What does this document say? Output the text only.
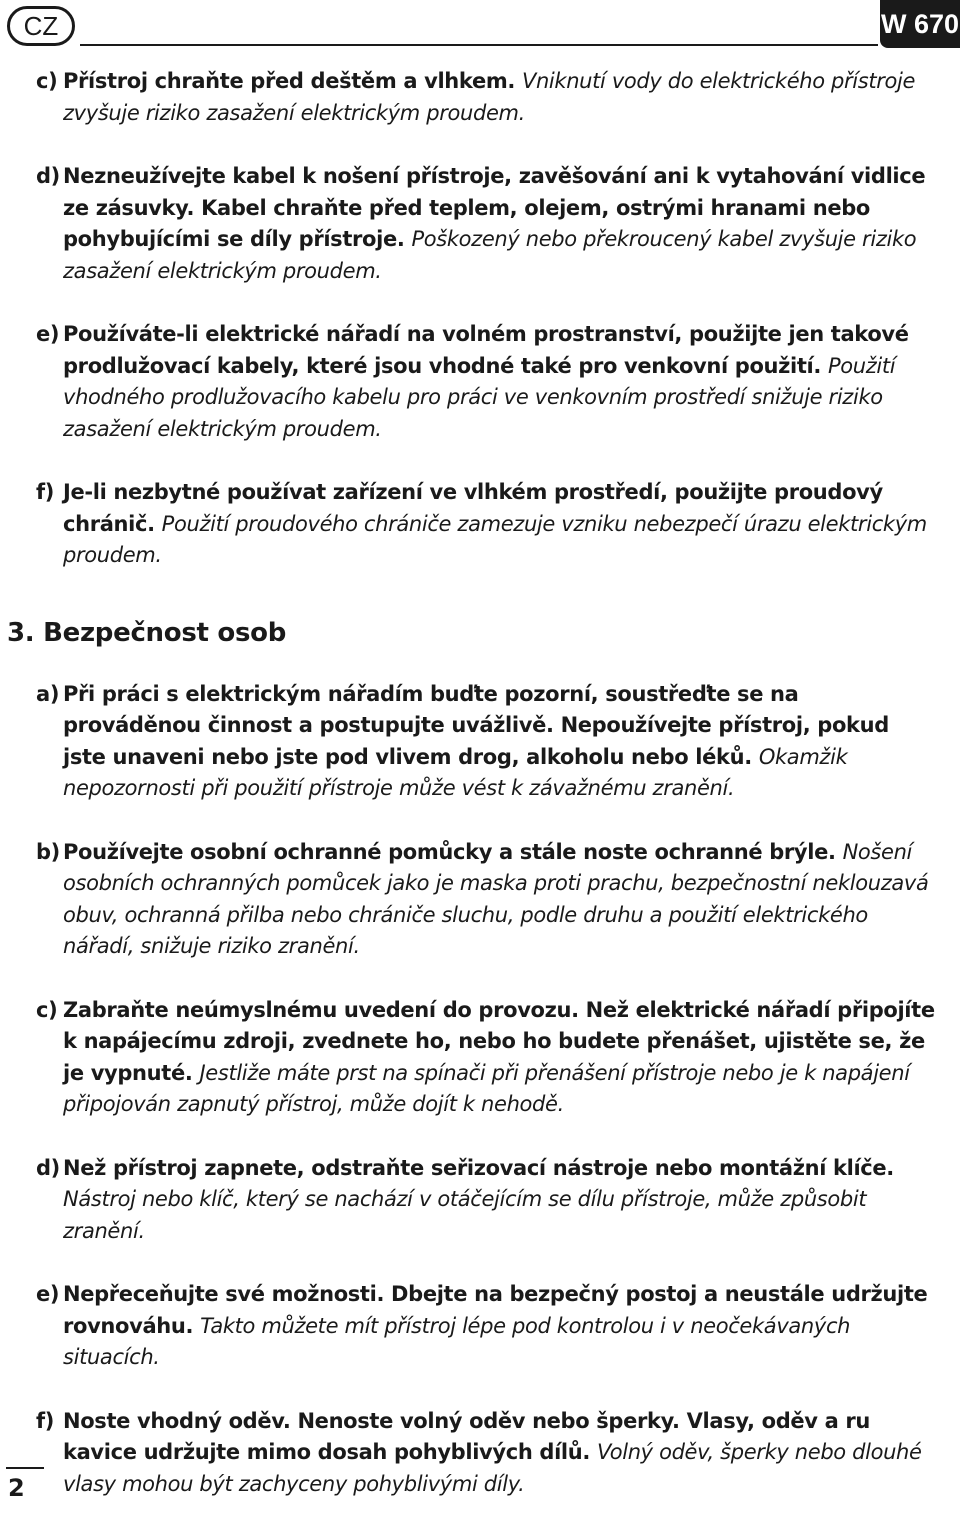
CZ	W 670
c) Přístroj chraňte před deštěm a vlhkem. Vniknutí vody do elektrického přístroje zvyšuje riziko zasažení elektrickým proudem.
d) Nezneužívejte kabel k nošení přístroje, zavěšování ani k vytahování vidlice ze zásuvky. Kabel chraňte před teplem, olejem, ostrými hranami nebo pohybujícími se díly přístroje. Poškozený nebo překroucený kabel zvyšuje riziko zasažení elektrickým proudem.
e) Používáte-li elektrické nářadí na volném prostranství, použijte jen takové prodlužovací kabely, které jsou vhodné také pro venkovní použití. Použití vhodného prodlužovacího kabelu pro práci ve venkovním prostředí snižuje riziko zasažení elektrickým proudem.
f) Je-li nezbytné používat zařízení ve vlhkém prostředí, použijte proudový chránič. Použití proudového chrániče zamezuje vzniku nebezpečí úrazu elektrickým proudem.
3. Bezpečnost osob
a) Při práci s elektrickým nářadím buďte pozorní, soustřeďte se na prováděnou činnost a postupujte uvážlivě. Nepoužívejte přístroj, pokud jste unaveni nebo jste pod vlivem drog, alkoholu nebo léků. Okamžik nepozornosti při použití přístroje může vést k závažnému zranění.
b) Používejte osobní ochranné pomůcky a stále noste ochranné brýle. Nošení osobních ochranných pomůcek jako je maska proti prachu, bezpečnostní neklouzavá obuv, ochranná přilba nebo chrániče sluchu, podle druhu a použití elektrického nářadí, snižuje riziko zranění.
c) Zabraňte neúmyslnému uvedení do provozu. Než elektrické nářadí připojíte k napájecímu zdroji, zvednete ho, nebo ho budete přenášet, ujistěte se, že je vypnuté. Jestliže máte prst na spínači při přenášení přístroje nebo je k napájení připojován zapnutý přístroj, může dojít k nehodě.
d) Než přístroj zapnete, odstraňte seřizovací nástroje nebo montážní klíče. Nástroj nebo klíč, který se nachází v otáčejícím se dílu přístroje, může způsobit zranění.
e) Nepřeceňujte své možnosti. Dbejte na bezpečný postoj a neustále udržujte rovnováhu. Takto můžete mít přístroj lépe pod kontrolou i v neočekávaných situacích.
f) Noste vhodný oděv. Nenoste volný oděv nebo šperky. Vlasy, oděv a ru kavice udržujte mimo dosah pohyblivých dílů. Volný oděv, šperky nebo dlouhé vlasy mohou být zachyceny pohyblivými díly.
2
